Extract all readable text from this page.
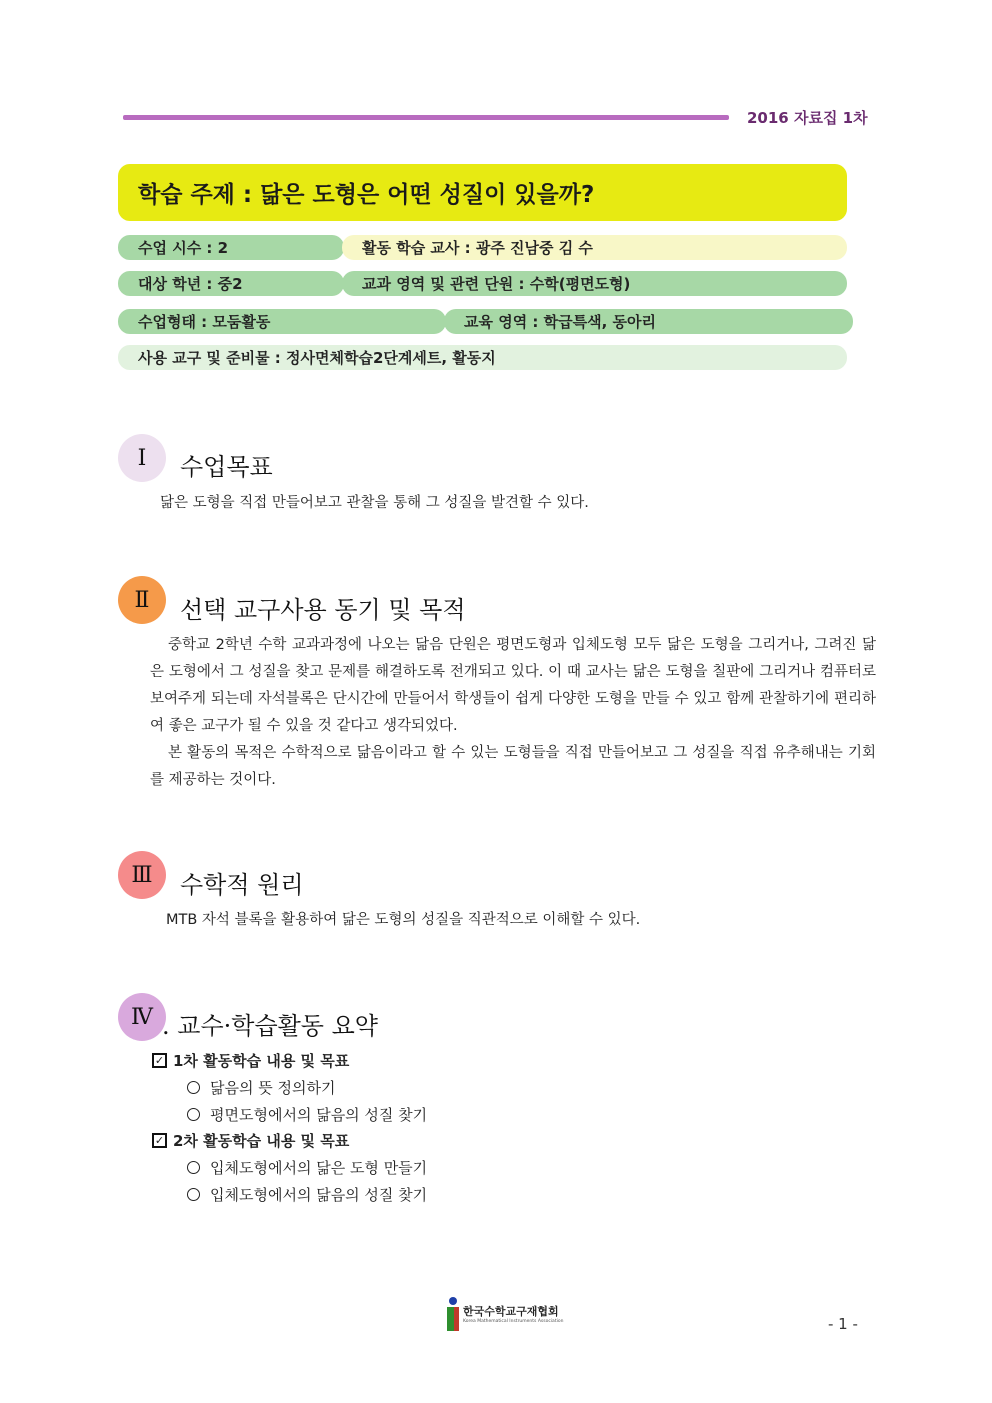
2016 자료집 1차
학습 주제 : 닮은 도형은 어떤 성질이 있을까?
수업 시수 : 2	활동 학습 교사 : 광주 진남중 김 수
대상 학년 : 중2	교과 영역 및 관련 단원 : 수학(평면도형)
수업형태 : 모둠활동	교육 영역 : 학급특색, 동아리
사용 교구 및 준비물 : 정사면체학습2단계세트, 활동지
Ⅰ 수업목표
닮은 도형을 직접 만들어보고 관찰을 통해 그 성질을 발견할 수 있다.
Ⅱ 선택 교구사용 동기 및 목적

중학교 2학년 수학 교과과정에 나오는 닮음 단원은 평면도형과 입체도형 모두 닮은 도형을 그리거나, 그려진 닮은 도형에서 그 성질을 찾고 문제를 해결하도록 전개되고 있다. 이 때 교사는 닮은 도형을 칠판에 그리거나 컴퓨터로 보여주게 되는데 자석블록은 단시간에 만들어서 학생들이 쉽게 다양한 도형을 만들 수 있고 함께 관찰하기에 편리하여 좋은 교구가 될 수 있을 것 같다고 생각되었다.

본 활동의 목적은 수학적으로 닮음이라고 할 수 있는 도형들을 직접 만들어보고 그 성질을 직접 유추해내는 기회를 제공하는 것이다.

Ⅲ 수학적 원리
MTB 자석 블록을 활용하여 닮은 도형의 성질을 직관적으로 이해할 수 있다.
Ⅳ . 교수·학습활동 요약
✓ 1차 활동학습 내용 및 목표
닮음의 뜻 정의하기
평면도형에서의 닮음의 성질 찾기
✓ 2차 활동학습 내용 및 목표
입체도형에서의 닮은 도형 만들기
입체도형에서의 닮음의 성질 찾기
한국수학교구재협회
Korea Mathematical Instruments Association	- 1 -
